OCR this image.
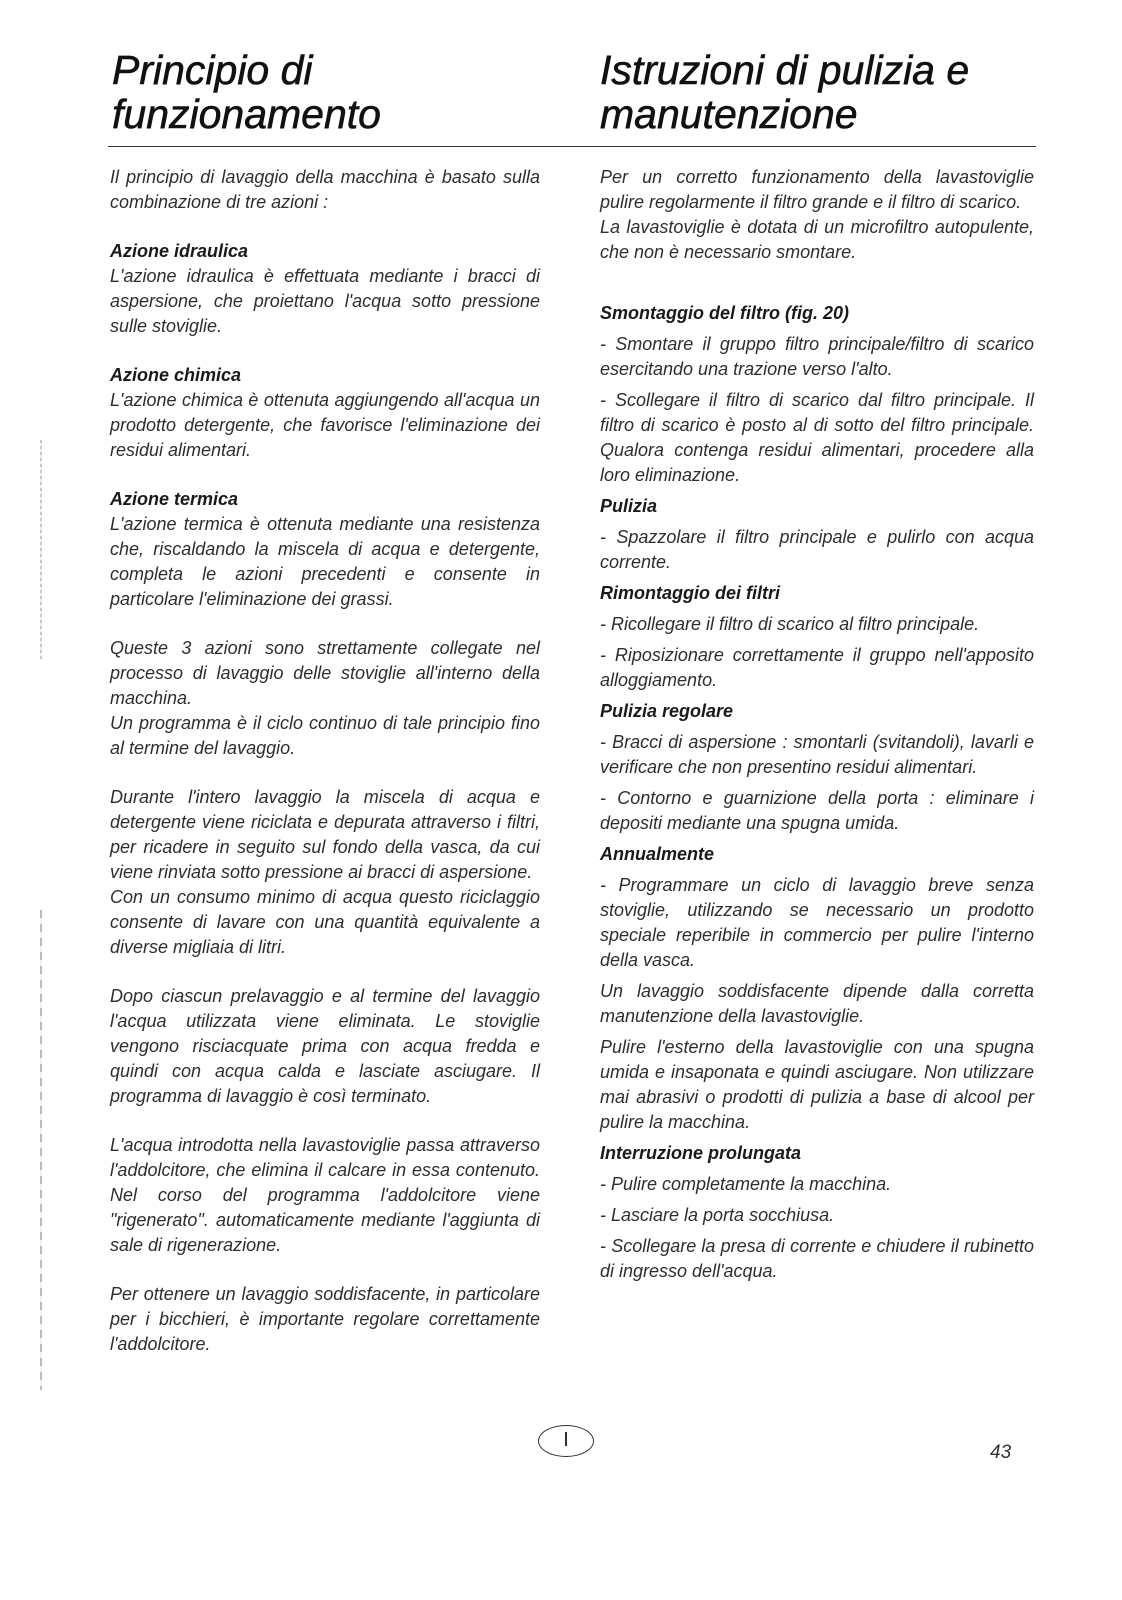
Principio di
funzionamento
Istruzioni di pulizia e
manutenzione

Il principio di lavaggio della macchina è basato sulla combinazione di tre azioni :

Azione idraulica

L'azione idraulica è effettuata mediante i bracci di aspersione, che proiettano l'acqua sotto pressione sulle stoviglie.

Azione chimica

L'azione chimica è ottenuta aggiungendo all'acqua un prodotto detergente, che favorisce l'eliminazione dei residui alimentari.

Azione termica

L'azione termica è ottenuta mediante una resistenza che, riscaldando la miscela di acqua e detergente, completa le azioni precedenti e consente in particolare l'eliminazione dei grassi.

Queste 3 azioni sono strettamente collegate nel processo di lavaggio delle stoviglie all'interno della macchina.

Un programma è il ciclo continuo di tale principio fino al termine del lavaggio.

Durante l'intero lavaggio la miscela di acqua e detergente viene riciclata e depurata attraverso i filtri, per ricadere in seguito sul fondo della vasca, da cui viene rinviata sotto pressione ai bracci di aspersione.

Con un consumo minimo di acqua questo riciclaggio consente di lavare con una quantità equivalente a diverse migliaia di litri.

Dopo ciascun prelavaggio e al termine del lavaggio l'acqua utilizzata viene eliminata. Le stoviglie vengono risciacquate prima con acqua fredda e quindi con acqua calda e lasciate asciugare. Il programma di lavaggio è così terminato.

L'acqua introdotta nella lavastoviglie passa attraverso l'addolcitore, che elimina il calcare in essa contenuto. Nel corso del programma l'addolcitore viene "rigenerato". automaticamente mediante l'aggiunta di sale di rigenerazione.

Per ottenere un lavaggio soddisfacente, in particolare per i bicchieri, è importante regolare correttamente l'addolcitore.

Per un corretto funzionamento della lavastoviglie pulire regolarmente il filtro grande e il filtro di scarico.

La lavastoviglie è dotata di un microfiltro autopulente, che non è necessario smontare.

Smontaggio del filtro (fig. 20)

- Smontare il gruppo filtro principale/filtro di scarico esercitando una trazione verso l'alto.

- Scollegare il filtro di scarico dal filtro principale. Il filtro di scarico è posto al di sotto del filtro principale. Qualora contenga residui alimentari, procedere alla loro eliminazione.

Pulizia

- Spazzolare il filtro principale e pulirlo con acqua corrente.

Rimontaggio dei filtri

- Ricollegare il filtro di scarico al filtro principale.

- Riposizionare correttamente il gruppo nell'apposito alloggiamento.

Pulizia regolare

- Bracci di aspersione : smontarli (svitandoli), lavarli e verificare che non presentino residui alimentari.

- Contorno e guarnizione della porta : eliminare i depositi mediante una spugna umida.

Annualmente

- Programmare un ciclo di lavaggio breve senza stoviglie, utilizzando se necessario un prodotto speciale reperibile in commercio per pulire l'interno della vasca.

Un lavaggio soddisfacente dipende dalla corretta manutenzione della lavastoviglie.

Pulire l'esterno della lavastoviglie con una spugna umida e insaponata e quindi asciugare. Non utilizzare mai abrasivi o prodotti di pulizia a base di alcool per pulire la macchina.

Interruzione prolungata

- Pulire completamente la macchina.

- Lasciare la porta socchiusa.

- Scollegare la presa di corrente e chiudere il rubinetto di ingresso dell'acqua.

I
43
